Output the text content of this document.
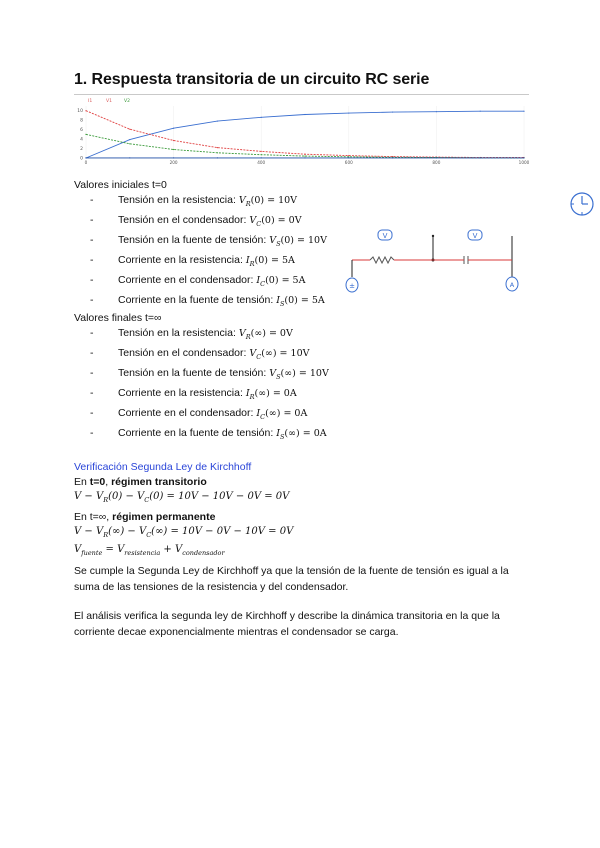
1. Respuesta transitoria de un circuito RC serie
I1	V1	V2
0
2
4
6
8
10
0	200	400	600	800	1000
Valores iniciales t=0
- Tensión en la resistencia: $V_R(0) = 10V$
- Tensión en el condensador: $V_C(0) = 0V$
- Tensión en la fuente de tensión: $V_S(0) = 10V$
- Corriente en la resistencia: $I_R(0) = 5A$
- Corriente en el condensador: $I_C(0) = 5A$
- Corriente en la fuente de tensión: $I_S(0) = 5A$
Valores finales t=∞
- Tensión en la resistencia: $V_R(\infty) = 0V$
- Tensión en el condensador: $V_C(\infty) = 10V$
- Tensión en la fuente de tensión: $V_S(\infty) = 10V$
- Corriente en la resistencia: $I_R(\infty) = 0A$
- Corriente en el condensador: $I_C(\infty) = 0A$
- Corriente en la fuente de tensión: $I_S(\infty) = 0A$
V	V
±	A
Verificación Segunda Ley de Kirchhoff
En t=0, régimen transitorio
$V - V_R(0) - V_C(0) = 10V - 10V - 0V = 0V$
En t=∞, régimen permanente
$V - V_R(\infty) - V_C(\infty) = 10V - 0V - 10V = 0V$
$V_{fuente} = V_{resistencia} + V_{condensador}$
Se cumple la Segunda Ley de Kirchhoff ya que la tensión de la fuente de tensión es igual a la suma de las tensiones de la resistencia y del condensador.
El análisis verifica la segunda ley de Kirchhoff y describe la dinámica transitoria en la que la corriente decae exponencialmente mientras el condensador se carga.
